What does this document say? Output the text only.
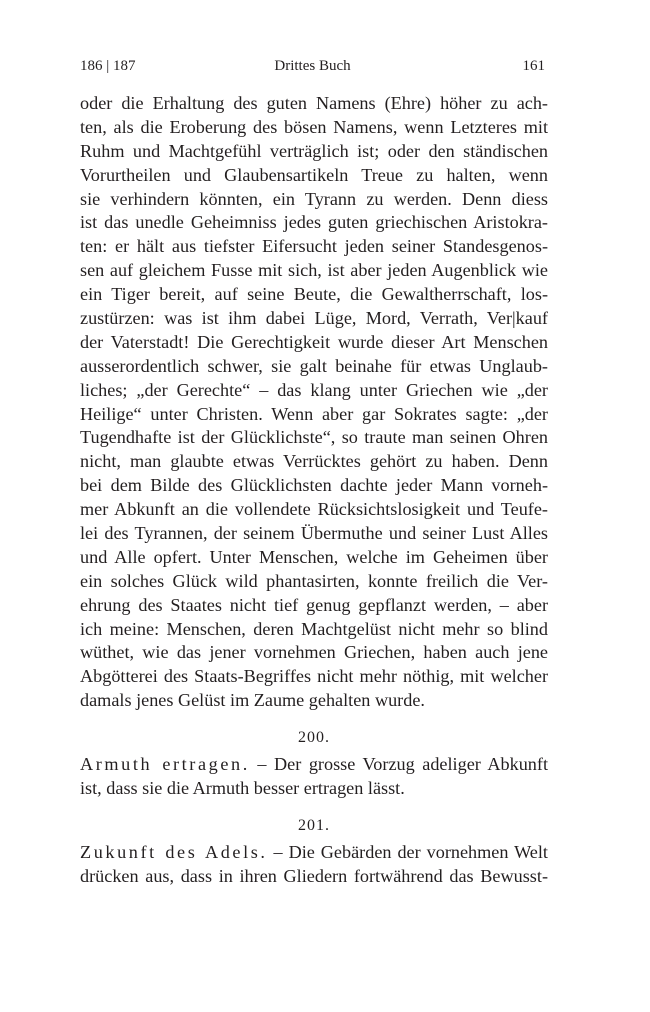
186 | 187	Drittes Buch	161
oder die Erhaltung des guten Namens (Ehre) höher zu ach-
ten, als die Eroberung des bösen Namens, wenn Letzteres mit
Ruhm und Machtgefühl verträglich ist; oder den ständischen
Vorurtheilen und Glaubensartikeln Treue zu halten, wenn
sie verhindern könnten, ein Tyrann zu werden. Denn diess
ist das unedle Geheimniss jedes guten griechischen Aristokra-
ten: er hält aus tiefster Eifersucht jeden seiner Standesgenos-
sen auf gleichem Fusse mit sich, ist aber jeden Augenblick wie
ein Tiger bereit, auf seine Beute, die Gewaltherrschaft, los-
zustürzen: was ist ihm dabei Lüge, Mord, Verrath, Ver|kauf
der Vaterstadt! Die Gerechtigkeit wurde dieser Art Menschen
ausserordentlich schwer, sie galt beinahe für etwas Unglaub-
liches; „der Gerechte“ – das klang unter Griechen wie „der
Heilige“ unter Christen. Wenn aber gar Sokrates sagte: „der
Tugendhafte ist der Glücklichste“, so traute man seinen Ohren
nicht, man glaubte etwas Verrücktes gehört zu haben. Denn
bei dem Bilde des Glücklichsten dachte jeder Mann vorneh-
mer Abkunft an die vollendete Rücksichtslosigkeit und Teufe-
lei des Tyrannen, der seinem Übermuthe und seiner Lust Alles
und Alle opfert. Unter Menschen, welche im Geheimen über
ein solches Glück wild phantasirten, konnte freilich die Ver-
ehrung des Staates nicht tief genug gepflanzt werden, – aber
ich meine: Menschen, deren Machtgelüst nicht mehr so blind
wüthet, wie das jener vornehmen Griechen, haben auch jene
Abgötterei des Staats-Begriffes nicht mehr nöthig, mit welcher
damals jenes Gelüst im Zaume gehalten wurde.
200.
Armuth ertragen. – Der grosse Vorzug adeliger Abkunft
ist, dass sie die Armuth besser ertragen lässt.
201.
Zukunft des Adels. – Die Gebärden der vornehmen Welt
drücken aus, dass in ihren Gliedern fortwährend das Bewusst-
